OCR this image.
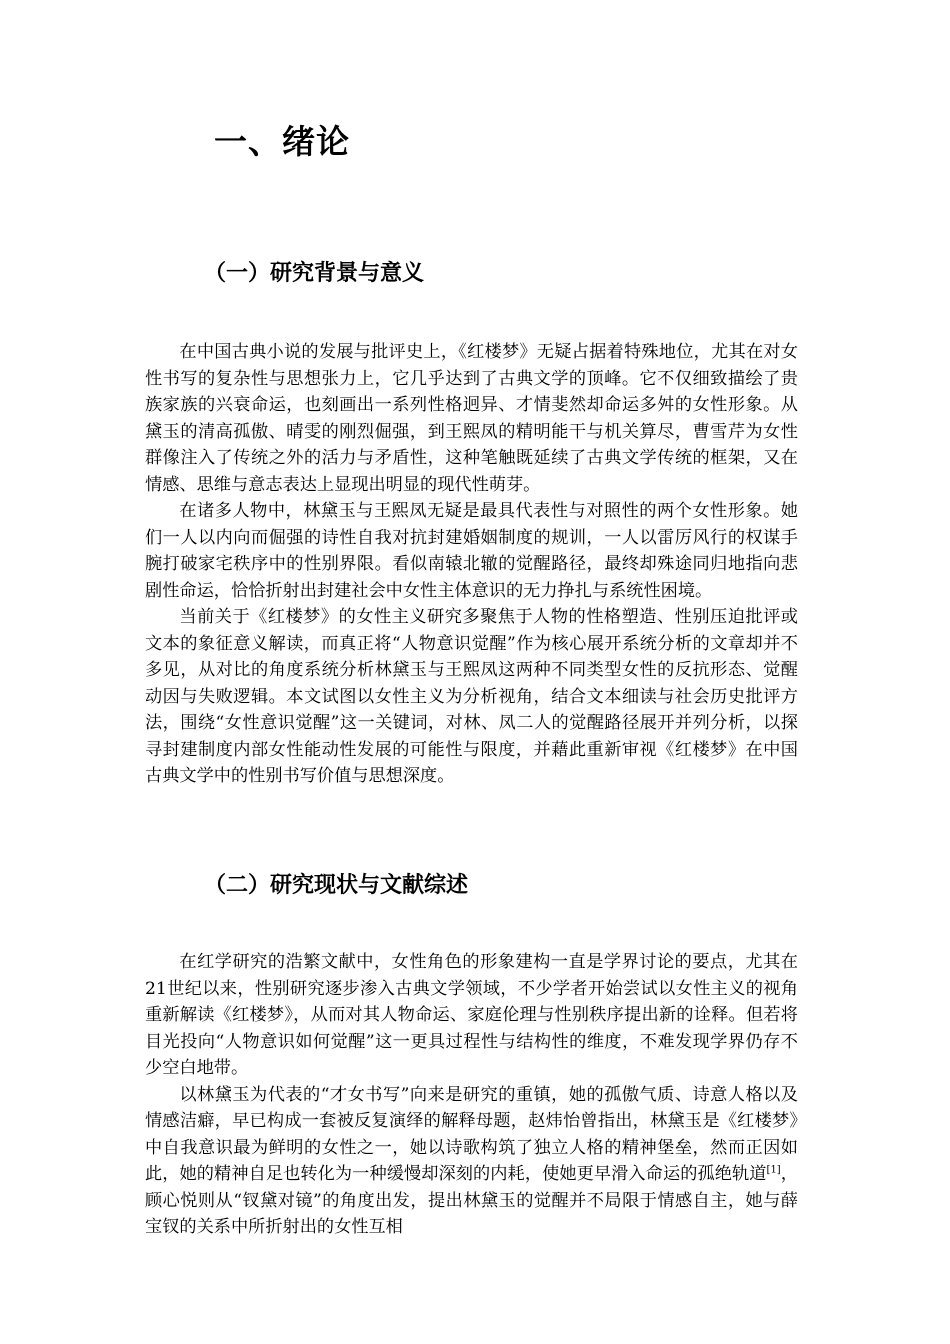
一、绪论
（一）研究背景与意义

在中国古典小说的发展与批评史上，《红楼梦》无疑占据着特殊地位，尤其在对女性书写的复杂性与思想张力上，它几乎达到了古典文学的顶峰。它不仅细致描绘了贵族家族的兴衰命运，也刻画出一系列性格迥异、才情斐然却命运多舛的女性形象。从黛玉的清高孤傲、晴雯的刚烈倔强，到王熙凤的精明能干与机关算尽，曹雪芹为女性群像注入了传统之外的活力与矛盾性，这种笔触既延续了古典文学传统的框架，又在情感、思维与意志表达上显现出明显的现代性萌芽。

在诸多人物中，林黛玉与王熙凤无疑是最具代表性与对照性的两个女性形象。她们一人以内向而倔强的诗性自我对抗封建婚姻制度的规训，一人以雷厉风行的权谋手腕打破家宅秩序中的性别界限。看似南辕北辙的觉醒路径，最终却殊途同归地指向悲剧性命运，恰恰折射出封建社会中女性主体意识的无力挣扎与系统性困境。

当前关于《红楼梦》的女性主义研究多聚焦于人物的性格塑造、性别压迫批评或文本的象征意义解读，而真正将“人物意识觉醒”作为核心展开系统分析的文章却并不多见，从对比的角度系统分析林黛玉与王熙凤这两种不同类型女性的反抗形态、觉醒动因与失败逻辑。本文试图以女性主义为分析视角，结合文本细读与社会历史批评方法，围绕“女性意识觉醒”这一关键词，对林、凤二人的觉醒路径展开并列分析，以探寻封建制度内部女性能动性发展的可能性与限度，并藉此重新审视《红楼梦》在中国古典文学中的性别书写价值与思想深度。

（二）研究现状与文献综述

在红学研究的浩繁文献中，女性角色的形象建构一直是学界讨论的要点，尤其在21世纪以来，性别研究逐步渗入古典文学领域，不少学者开始尝试以女性主义的视角重新解读《红楼梦》，从而对其人物命运、家庭伦理与性别秩序提出新的诠释。但若将目光投向“人物意识如何觉醒”这一更具过程性与结构性的维度，不难发现学界仍存不少空白地带。

以林黛玉为代表的“才女书写”向来是研究的重镇，她的孤傲气质、诗意人格以及情感洁癖，早已构成一套被反复演绎的解释母题，赵炜怡曾指出，林黛玉是《红楼梦》中自我意识最为鲜明的女性之一，她以诗歌构筑了独立人格的精神堡垒，然而正因如此，她的精神自足也转化为一种缓慢却深刻的内耗，使她更早滑入命运的孤绝轨道[1]，顾心悦则从“钗黛对镜”的角度出发，提出林黛玉的觉醒并不局限于情感自主，她与薛宝钗的关系中所折射出的女性互相
